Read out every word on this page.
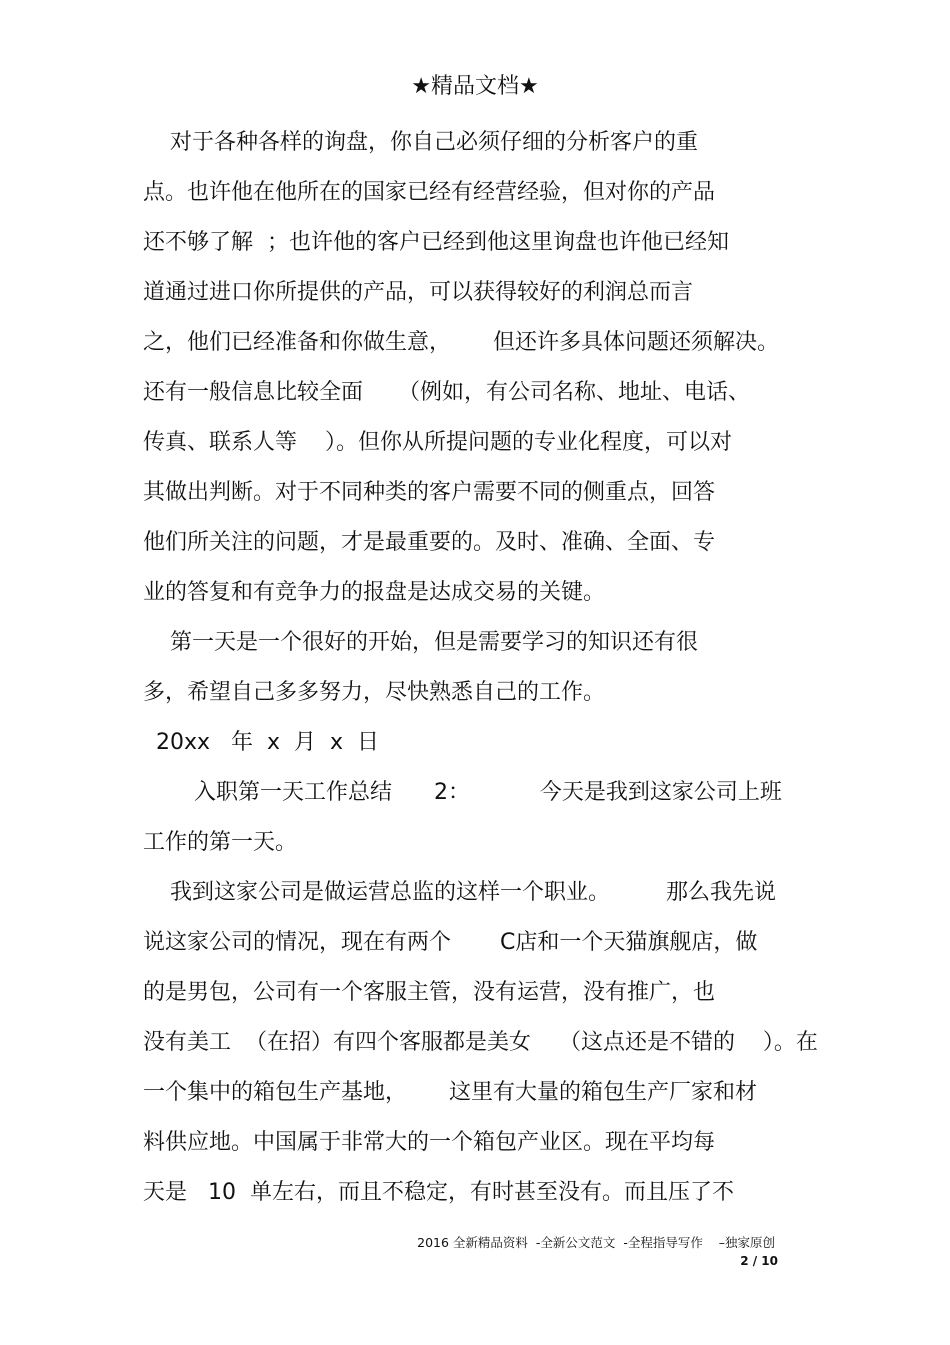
★精品文档★
对于各种各样的询盘，你自己必须仔细的分析客户的重
点。也许他在他所在的国家已经有经营经验，但对你的产品
还不够了解  ；也许他的客户已经到他这里询盘也许他已经知
道通过进口你所提供的产品，可以获得较好的利润总而言
之，他们已经准备和你做生意，      但还许多具体问题还须解决。
还有一般信息比较全面     （例如，有公司名称、地址、电话、
传真、联系人等    ）。但你从所提问题的专业化程度，可以对
其做出判断。对于不同种类的客户需要不同的侧重点，回答
他们所关注的问题，才是最重要的。及时、准确、全面、专
业的答复和有竞争力的报盘是达成交易的关键。
第一天是一个很好的开始，但是需要学习的知识还有很
多，希望自己多多努力，尽快熟悉自己的工作。
20xx   年  x  月  x  日
入职第一天工作总结      2：          今天是我到这家公司上班
工作的第一天。
我到这家公司是做运营总监的这样一个职业。        那么我先说
说这家公司的情况，现在有两个       C店和一个天猫旗舰店，做
的是男包，公司有一个客服主管，没有运营，没有推广，也
没有美工  （在招）有四个客服都是美女    （这点还是不错的    ）。在
一个集中的箱包生产基地，      这里有大量的箱包生产厂家和材
料供应地。中国属于非常大的一个箱包产业区。现在平均每
天是   10  单左右，而且不稳定，有时甚至没有。而且压了不
2016 全新精品资料  -全新公文范文  -全程指导写作    –独家原创
2 / 10
